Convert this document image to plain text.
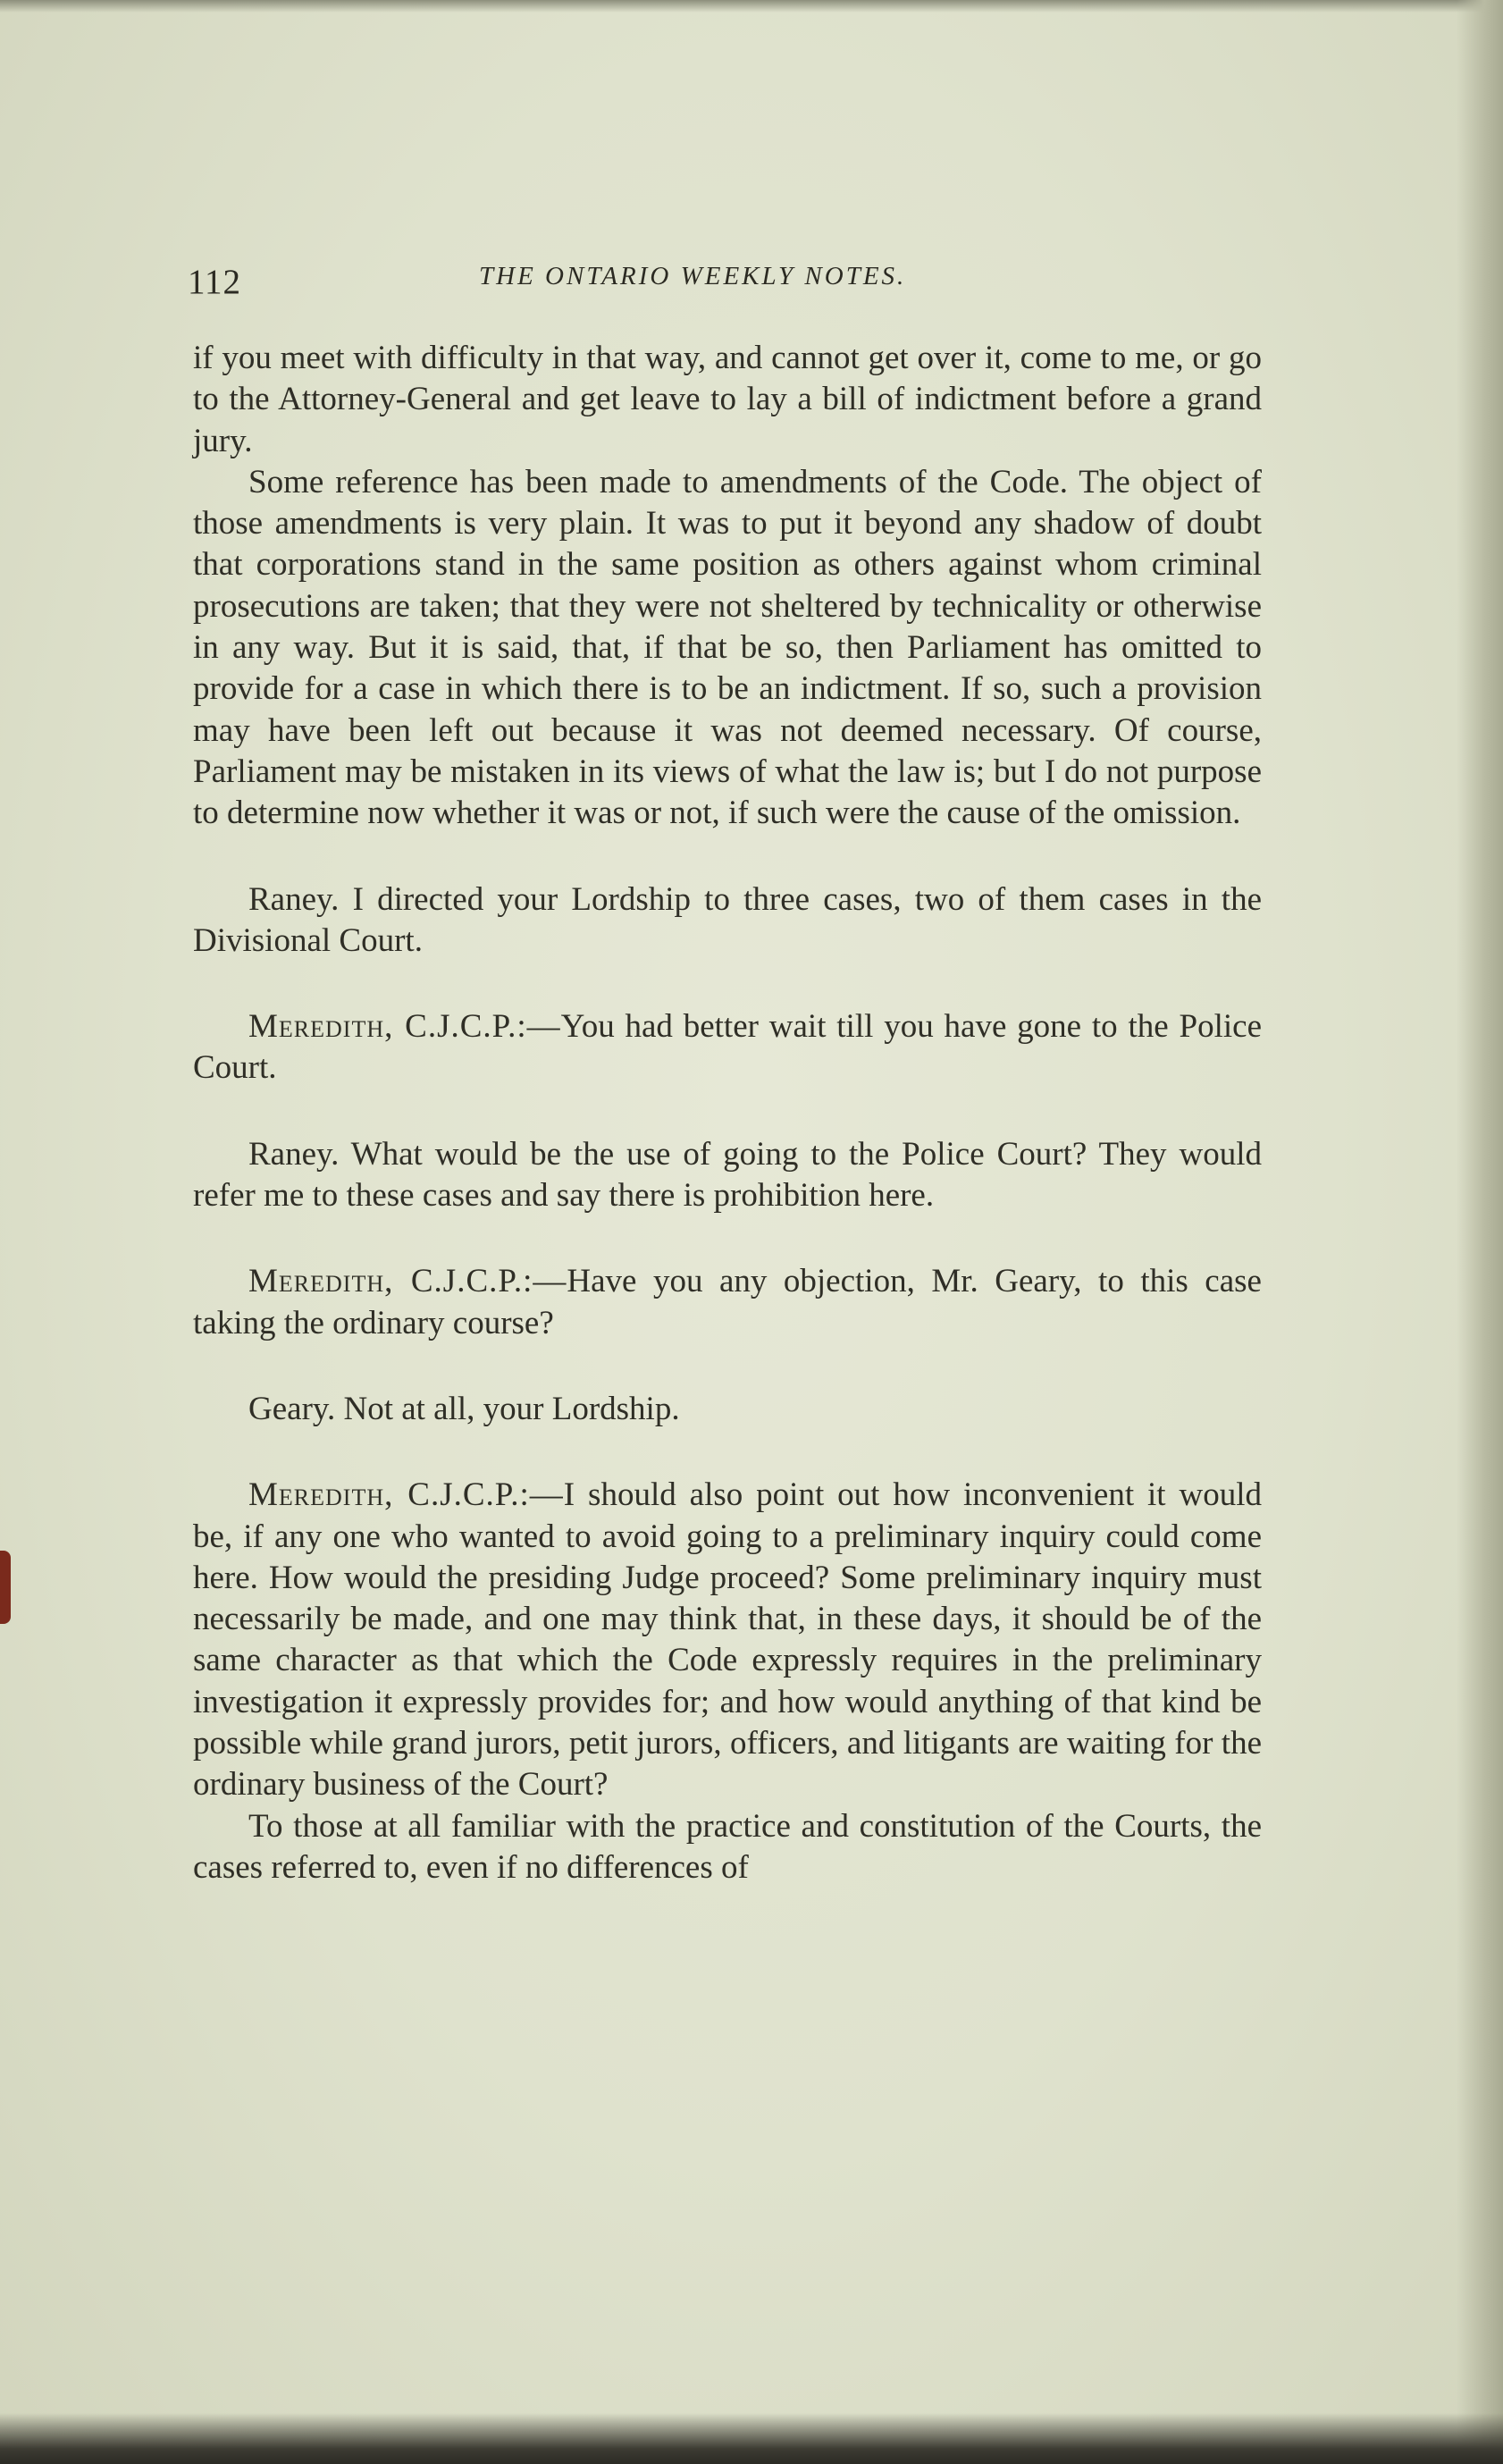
112	THE ONTARIO WEEKLY NOTES.

if you meet with difficulty in that way, and cannot get over it, come to me, or go to the Attorney-General and get leave to lay a bill of indictment before a grand jury.

Some reference has been made to amendments of the Code. The object of those amendments is very plain. It was to put it beyond any shadow of doubt that corporations stand in the same position as others against whom criminal prosecutions are taken; that they were not sheltered by technicality or otherwise in any way. But it is said, that, if that be so, then Parliament has omitted to provide for a case in which there is to be an indictment. If so, such a provision may have been left out because it was not deemed necessary. Of course, Parliament may be mistaken in its views of what the law is; but I do not purpose to determine now whether it was or not, if such were the cause of the omission.

Raney. I directed your Lordship to three cases, two of them cases in the Divisional Court.

Meredith, C.J.C.P.:—You had better wait till you have gone to the Police Court.

Raney. What would be the use of going to the Police Court? They would refer me to these cases and say there is prohibition here.

Meredith, C.J.C.P.:—Have you any objection, Mr. Geary, to this case taking the ordinary course?

Geary. Not at all, your Lordship.

Meredith, C.J.C.P.:—I should also point out how inconvenient it would be, if any one who wanted to avoid going to a preliminary inquiry could come here. How would the presiding Judge proceed? Some preliminary inquiry must necessarily be made, and one may think that, in these days, it should be of the same character as that which the Code expressly requires in the preliminary investigation it expressly provides for; and how would anything of that kind be possible while grand jurors, petit jurors, officers, and litigants are waiting for the ordinary business of the Court?

To those at all familiar with the practice and constitution of the Courts, the cases referred to, even if no differences of
